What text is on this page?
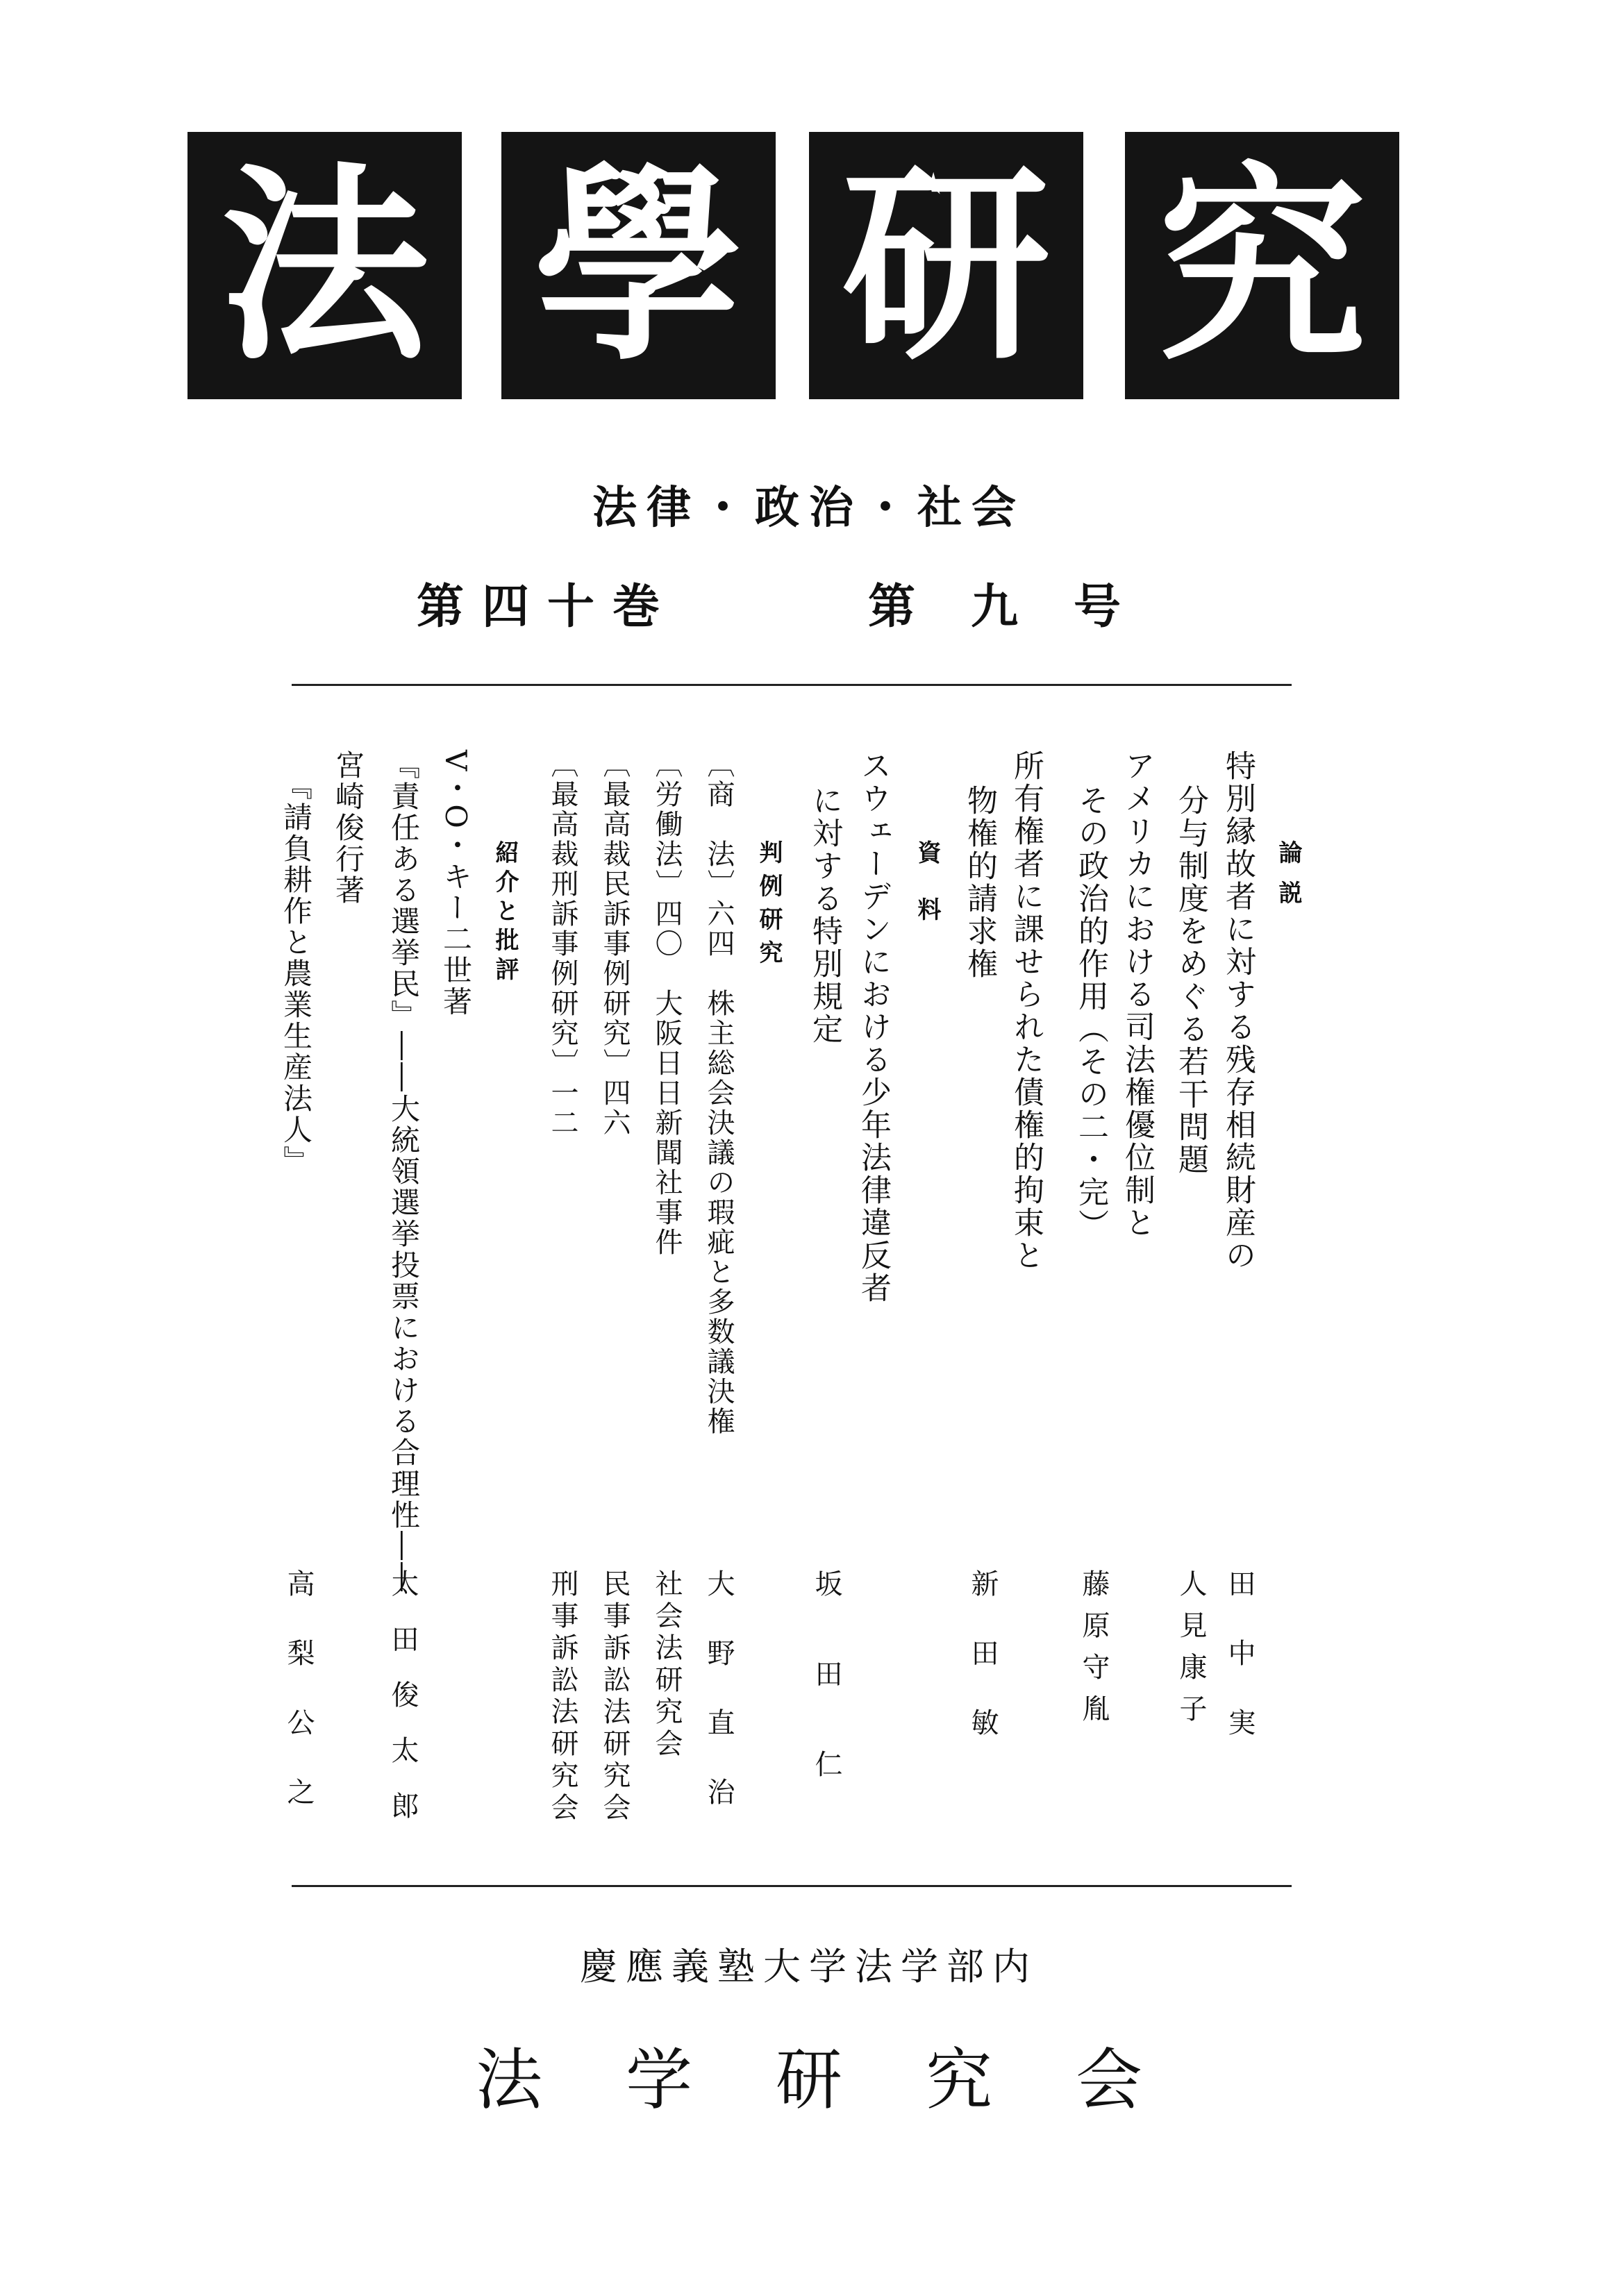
法 學 研 究
法律・政治・社会
第四十巻	第九号
論説
特別縁故者に対する残存相続財産の
分与制度をめぐる若干問題
田中実
人見康子
アメリカにおける司法権優位制と
その政治的作用（その二・完）
藤原守胤
所有権者に課せられた債権的拘束と
物権的請求権
新田敏
資料
スウェーデンにおける少年法律違反者
に対する特別規定
坂田仁
判例研究
〔商　法〕六四　株主総会決議の瑕疵と多数議決権
大野直治
〔労働法〕四〇　大阪日日新聞社事件
社会法研究会
〔最高裁民訴事例研究〕四六
民事訴訟法研究会
〔最高裁刑訴事例研究〕一二
刑事訴訟法研究会
紹介と批評
V・O・キー二世著
『責任ある選挙民』――大統領選挙投票における合理性――
太田俊太郎
宮崎俊行著
『請負耕作と農業生産法人』
高梨公之
慶應義塾大学法学部内
法学研究会
